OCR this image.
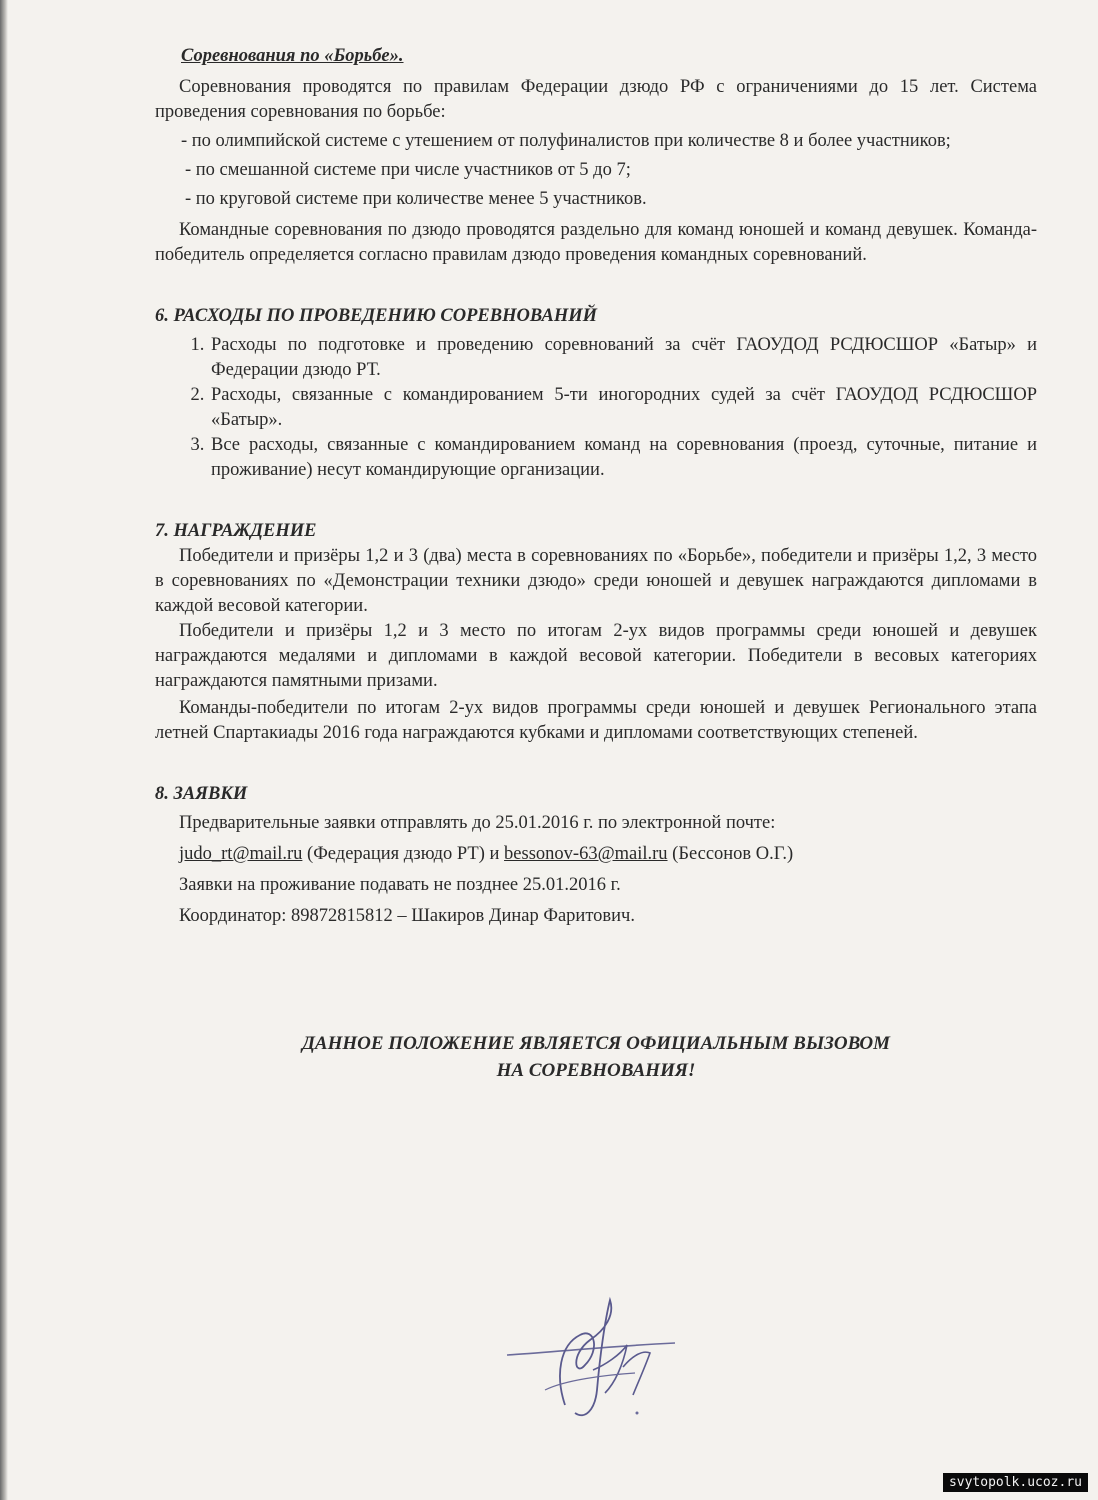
Соревнования по «Борьбе».

Соревнования проводятся по правилам Федерации дзюдо РФ с ограничениями до 15 лет. Система проведения соревнования по борьбе:

- по олимпийской системе с утешением от полуфиналистов при количестве 8 и более участников;

- по смешанной системе при числе участников от 5 до 7;

- по круговой системе при количестве менее 5 участников.

Командные соревнования по дзюдо проводятся раздельно для команд юношей и команд девушек. Команда-победитель определяется согласно правилам дзюдо проведения командных соревнований.

6. РАСХОДЫ ПО ПРОВЕДЕНИЮ СОРЕВНОВАНИЙ

1. Расходы по подготовке и проведению соревнований за счёт ГАОУДОД РСДЮСШОР «Батыр» и Федерации дзюдо РТ.
2. Расходы, связанные с командированием 5-ти иногородних судей за счёт ГАОУДОД РСДЮСШОР «Батыр».
3. Все расходы, связанные с командированием команд на соревнования (проезд, суточные, питание и проживание) несут командирующие организации.

7. НАГРАЖДЕНИЕ

Победители и призёры 1,2 и 3 (два) места в соревнованиях по «Борьбе», победители и призёры 1,2, 3 место в соревнованиях по «Демонстрации техники дзюдо» среди юношей и девушек награждаются дипломами в каждой весовой категории.

Победители и призёры 1,2 и 3 место по итогам 2-ух видов программы среди юношей и девушек награждаются медалями и дипломами в каждой весовой категории. Победители в весовых категориях награждаются памятными призами.

Команды-победители по итогам 2-ух видов программы среди юношей и девушек Регионального этапа летней Спартакиады 2016 года награждаются кубками и дипломами соответствующих степеней.

8. ЗАЯВКИ

Предварительные заявки отправлять до 25.01.2016 г. по электронной почте:

judo_rt@mail.ru (Федерация дзюдо РТ) и bessonov-63@mail.ru (Бессонов О.Г.)

Заявки на проживание подавать не позднее 25.01.2016 г.

Координатор: 89872815812 – Шакиров Динар Фаритович.

ДАННОЕ ПОЛОЖЕНИЕ ЯВЛЯЕТСЯ ОФИЦИАЛЬНЫМ ВЫЗОВОМ
НА СОРЕВНОВАНИЯ!
svytopolk.ucoz.ru
